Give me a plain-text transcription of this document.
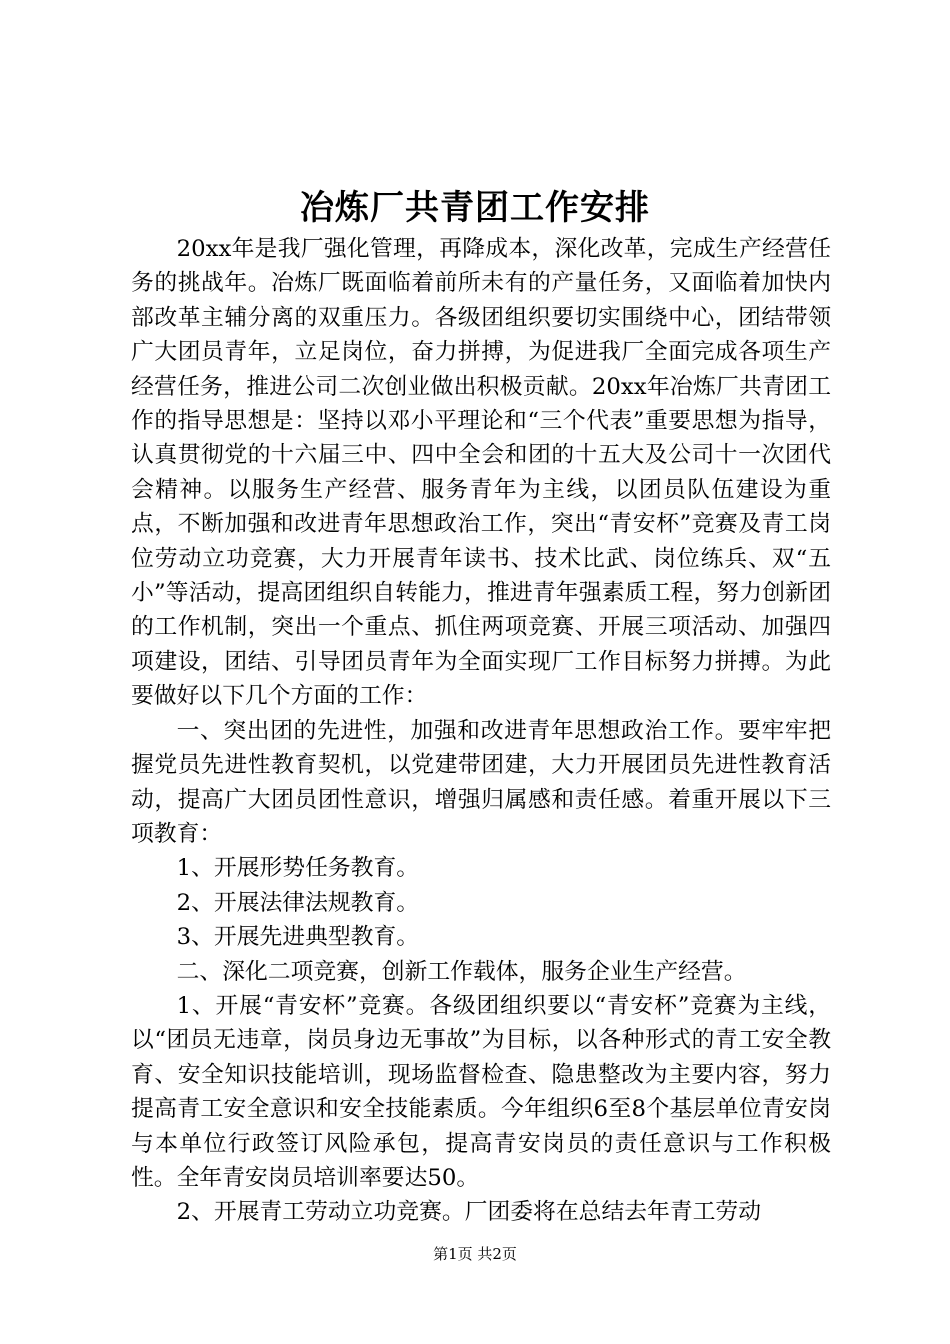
冶炼厂共青团工作安排

20xx年是我厂强化管理，再降成本，深化改革，完成生产经营任务的挑战年。冶炼厂既面临着前所未有的产量任务，又面临着加快内部改革主辅分离的双重压力。各级团组织要切实围绕中心，团结带领广大团员青年，立足岗位，奋力拼搏，为促进我厂全面完成各项生产经营任务，推进公司二次创业做出积极贡献。20xx年冶炼厂共青团工作的指导思想是：坚持以邓小平理论和“三个代表”重要思想为指导，认真贯彻党的十六届三中、四中全会和团的十五大及公司十一次团代会精神。以服务生产经营、服务青年为主线，以团员队伍建设为重点，不断加强和改进青年思想政治工作，突出“青安杯”竞赛及青工岗位劳动立功竞赛，大力开展青年读书、技术比武、岗位练兵、双“五小”等活动，提高团组织自转能力，推进青年强素质工程，努力创新团的工作机制，突出一个重点、抓住两项竞赛、开展三项活动、加强四项建设，团结、引导团员青年为全面实现厂工作目标努力拼搏。为此要做好以下几个方面的工作：

一、突出团的先进性，加强和改进青年思想政治工作。要牢牢把握党员先进性教育契机，以党建带团建，大力开展团员先进性教育活动，提高广大团员团性意识，增强归属感和责任感。着重开展以下三项教育：

1、开展形势任务教育。

2、开展法律法规教育。

3、开展先进典型教育。

二、深化二项竞赛，创新工作载体，服务企业生产经营。

1、开展“青安杯”竞赛。各级团组织要以“青安杯”竞赛为主线，以“团员无违章，岗员身边无事故”为目标，以各种形式的青工安全教育、安全知识技能培训，现场监督检查、隐患整改为主要内容，努力提高青工安全意识和安全技能素质。今年组织6至8个基层单位青安岗与本单位行政签订风险承包，提高青安岗员的责任意识与工作积极性。全年青安岗员培训率要达50。

2、开展青工劳动立功竞赛。厂团委将在总结去年青工劳动

第1页 共2页
